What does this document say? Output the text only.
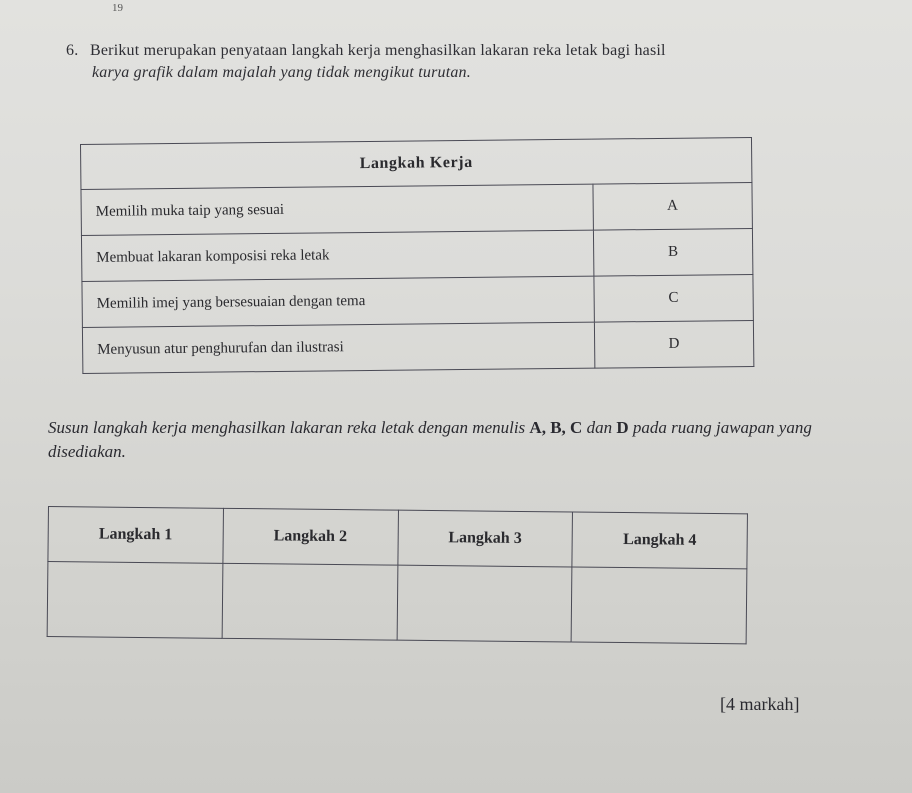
19
6. Berikut merupakan penyataan langkah kerja menghasilkan lakaran reka letak bagi hasil
karya grafik dalam majalah yang tidak mengikut turutan.
Langkah Kerja	
Memilih muka taip yang sesuai	A
Membuat lakaran komposisi reka letak	B
Memilih imej yang bersesuaian dengan tema	C
Menyusun atur penghurufan dan ilustrasi	D
Susun langkah kerja menghasilkan lakaran reka letak dengan menulis A, B, C dan D pada ruang jawapan yang disediakan.
Langkah 1	Langkah 2	Langkah 3	Langkah 4

[4 markah]
